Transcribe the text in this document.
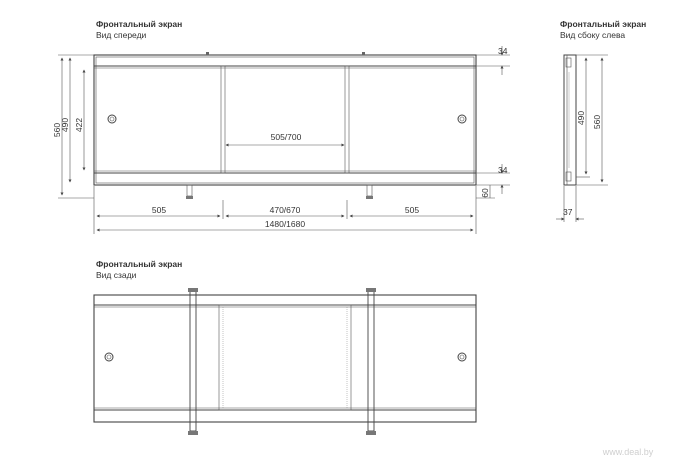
Фронтальный экран
Вид спереди
560
490 422
505/700
34
34
60
505	470/670	505
1480/1680
Фронтальный экран
Вид сбоку слева
490 560
37
Фронтальный экран
Вид сзади
www.deal.by
